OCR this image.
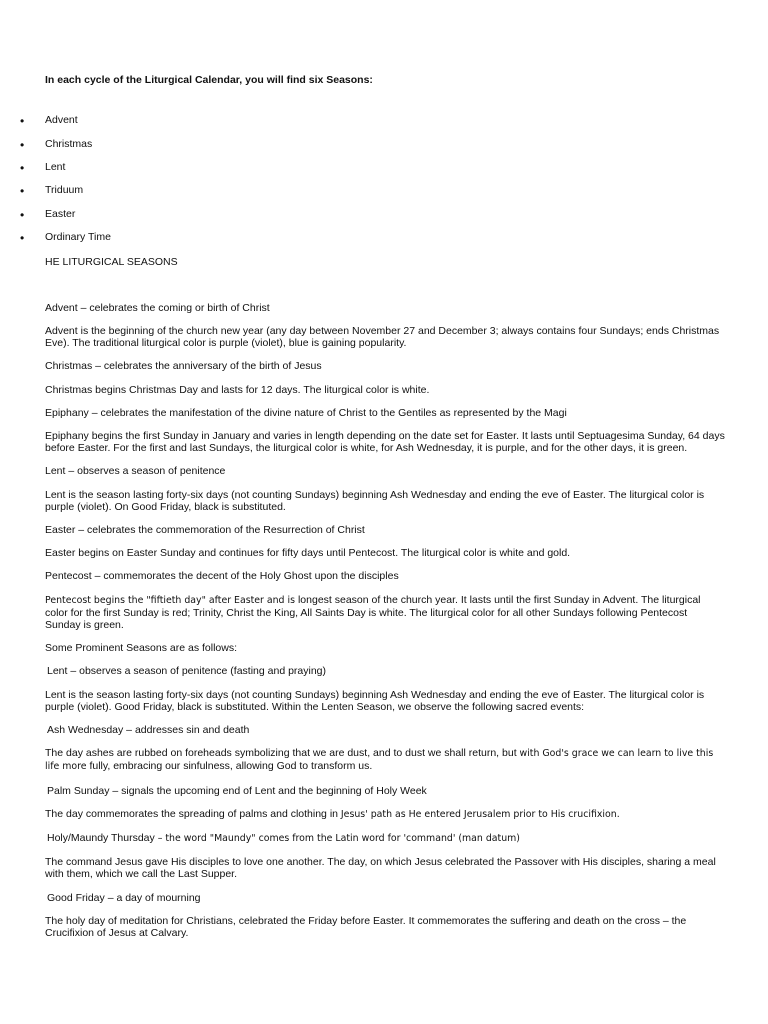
In each cycle of the Liturgical Calendar, you will find six Seasons:

• Advent
• Christmas
• Lent
• Triduum
• Easter
• Ordinary Time

HE LITURGICAL SEASONS

Advent – celebrates the coming or birth of Christ

Advent is the beginning of the church new year (any day between November 27 and December 3; always contains four Sundays; ends Christmas Eve). The traditional liturgical color is purple (violet), blue is gaining popularity.

Christmas – celebrates the anniversary of the birth of Jesus

Christmas begins Christmas Day and lasts for 12 days. The liturgical color is white.

Epiphany – celebrates the manifestation of the divine nature of Christ to the Gentiles as represented by the Magi

Epiphany begins the first Sunday in January and varies in length depending on the date set for Easter. It lasts until Septuagesima Sunday, 64 days before Easter. For the first and last Sundays, the liturgical color is white, for Ash Wednesday, it is purple, and for the other days, it is green.

Lent – observes a season of penitence

Lent is the season lasting forty-six days (not counting Sundays) beginning Ash Wednesday and ending the eve of Easter. The liturgical color is purple (violet). On Good Friday, black is substituted.

Easter – celebrates the commemoration of the Resurrection of Christ

Easter begins on Easter Sunday and continues for fifty days until Pentecost. The liturgical color is white and gold.

Pentecost – commemorates the decent of the Holy Ghost upon the disciples

Pentecost begins the "fiftieth day" after Easter and is longest season of the church year. It lasts until the first Sunday in Advent. The liturgical color for the first Sunday is red; Trinity, Christ the King, All Saints Day is white. The liturgical color for all other Sundays following Pentecost Sunday is green.

Some Prominent Seasons are as follows:

Lent – observes a season of penitence (fasting and praying)

Lent is the season lasting forty-six days (not counting Sundays) beginning Ash Wednesday and ending the eve of Easter. The liturgical color is purple (violet). Good Friday, black is substituted. Within the Lenten Season, we observe the following sacred events:

Ash Wednesday – addresses sin and death

The day ashes are rubbed on foreheads symbolizing that we are dust, and to dust we shall return, but with God's grace we can learn to live this life more fully, embracing our sinfulness, allowing God to transform us.

Palm Sunday – signals the upcoming end of Lent and the beginning of Holy Week

The day commemorates the spreading of palms and clothing in Jesus' path as He entered Jerusalem prior to His crucifixion.

Holy/Maundy Thursday – the word "Maundy" comes from the Latin word for 'command' (man datum)

The command Jesus gave His disciples to love one another. The day, on which Jesus celebrated the Passover with His disciples, sharing a meal with them, which we call the Last Supper.

Good Friday – a day of mourning

The holy day of meditation for Christians, celebrated the Friday before Easter. It commemorates the suffering and death on the cross – the Crucifixion of Jesus at Calvary.
